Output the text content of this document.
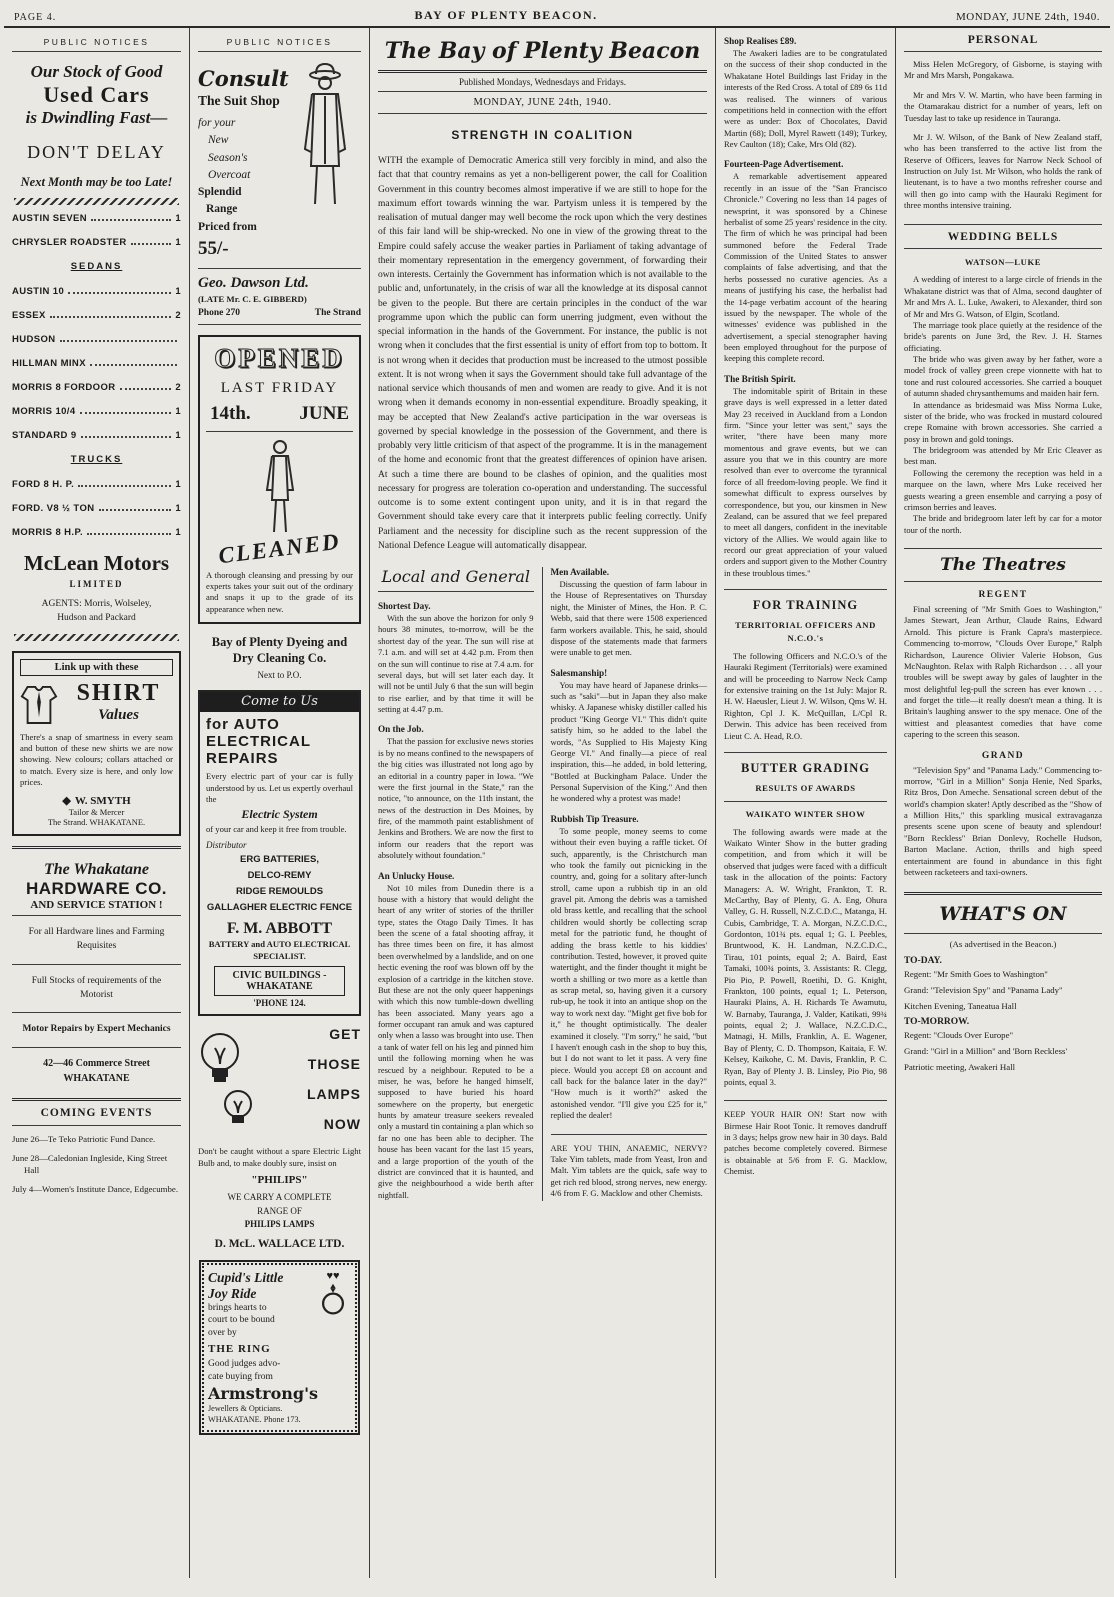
PAGE 4.	BAY OF PLENTY BEACON.	MONDAY, JUNE 24th, 1940.
PUBLIC NOTICES
Our Stock of Good
Used Cars
is Dwindling Fast—
DON'T DELAY
Next Month may be too Late!
AUSTIN SEVEN	1
CHRYSLER ROADSTER	1
SEDANS
AUSTIN 10	1
ESSEX	2
HUDSON
HILLMAN MINX
MORRIS 8 FORDOOR	2
MORRIS 10/4	1
STANDARD 9	1
TRUCKS
FORD 8 H. P.	1
FORD. V8 ½ TON	1
MORRIS 8 H.P.	1
McLean Motors
LIMITED
AGENTS: Morris, Wolseley,
Hudson and Packard
Link up with these
SHIRT
Values
There's a snap of smartness in every seam and button of these new shirts we are now showing. New colours; collars attached or to match. Every size is here, and only low prices.
◆ W. SMYTH
Tailor & Mercer
The Strand. WHAKATANE.
The Whakatane
HARDWARE CO.
AND SERVICE STATION !
For all Hardware lines and Farming Requisites
Full Stocks of requirements of the Motorist
Motor Repairs by Expert Mechanics
42—46 Commerce Street
WHAKATANE
COMING EVENTS
June 26—Te Teko Patriotic Fund Dance.
June 28—Caledonian Ingleside, King Street Hall
July 4—Women's Institute Dance, Edgecumbe.
PUBLIC NOTICES
Consult
The Suit Shop
for your
New
Season's
Overcoat
Splendid
Range
Priced from
55/-
Geo. Dawson Ltd.
(LATE Mr. C. E. GIBBERD)
Phone 270	The Strand
OPENED
LAST FRIDAY
14th.	JUNE
CLEANED
A thorough cleansing and pressing by our experts takes your suit out of the ordinary and snaps it up to the grade of its appearance when new.
Bay of Plenty Dyeing and
Dry Cleaning Co.
Next to P.O.
Come to Us
for AUTO
ELECTRICAL
REPAIRS
Every electric part of your car is fully understood by us. Let us expertly overhaul the
Electric System
of your car and keep it free from trouble.
Distributor
ERG BATTERIES,
DELCO-REMY
RIDGE REMOULDS
GALLAGHER ELECTRIC FENCE
F. M. ABBOTT
BATTERY and AUTO ELECTRICAL
SPECIALIST.
CIVIC BUILDINGS - WHAKATANE
'PHONE 124.
GET
THOSE
LAMPS
NOW
Don't be caught without a spare Electric Light Bulb and, to make doubly sure, insist on
"PHILIPS"
WE CARRY A COMPLETE
RANGE OF
PHILIPS LAMPS
D. McL. WALLACE LTD.
Cupid's Little
Joy Ride
brings hearts to
court to be bound
over by
THE RING
Good judges advo-
cate buying from
♥♥
Armstrong's
Jewellers & Opticians.
WHAKATANE. Phone 173.
The Bay of Plenty Beacon
Published Mondays, Wednesdays and Fridays.
MONDAY, JUNE 24th, 1940.
STRENGTH IN COALITION
WITH the example of Democratic America still very forcibly in mind, and also the fact that that country remains as yet a non-belligerent power, the call for Coalition Government in this country becomes almost imperative if we are still to hope for the maximum effort towards winning the war. Partyism unless it is tempered by the realisation of mutual danger may well become the rock upon which the very destines of this fair land will be ship-wrecked. No one in view of the growing threat to the Empire could safely accuse the weaker parties in Parliament of taking advantage of their momentary representation in the emergency government, of forwarding their own interests. Certainly the Government has information which is not available to the public and, unfortunately, in the crisis of war all the knowledge at its disposal cannot be given to the people. But there are certain principles in the conduct of the war programme upon which the public can form unerring judgment, even without the special information in the hands of the Government. For instance, the public is not wrong when it concludes that the first essential is unity of effort from top to bottom. It is not wrong when it decides that production must be increased to the utmost possible extent. It is not wrong when it says the Government should take full advantage of the national service which thousands of men and women are ready to give. And it is not wrong when it demands economy in non-essential expenditure. Broadly speaking, it may be accepted that New Zealand's active participation in the war overseas is governed by special knowledge in the possession of the Government, and there is probably very little criticism of that aspect of the programme. It is in the management of the home and economic front that the greatest differences of opinion have arisen. At such a time there are bound to be clashes of opinion, and the qualities most necessary for progress are toleration co-operation and understanding. The successful outcome is to some extent contingent upon unity, and it is in that regard the Government should take every care that it interprets public feeling correctly. Unify Parliament and the necessity for discipline such as the recent suppression of the National Defence League will automatically disappear.
Local and General
Shortest Day.
With the sun above the horizon for only 9 hours 38 minutes, to-morrow, will be the shortest day of the year. The sun will rise at 7.1 a.m. and will set at 4.42 p.m. From then on the sun will continue to rise at 7.4 a.m. for several days, but will set later each day. It will not be until July 6 that the sun will begin to rise earlier, and by that time it will be setting at 4.47 p.m.
On the Job.
That the passion for exclusive news stories is by no means confined to the newspapers of the big cities was illustrated not long ago by an editorial in a country paper in Iowa. "We were the first journal in the State," ran the notice, "to announce, on the 11th instant, the news of the destruction in Des Moines, by fire, of the mammoth paint establishment of Jenkins and Brothers. We are now the first to inform our readers that the report was absolutely without foundation."
An Unlucky House.
Not 10 miles from Dunedin there is a house with a history that would delight the heart of any writer of stories of the thriller type, states the Otago Daily Times. It has been the scene of a fatal shooting affray, it has three times been on fire, it has almost been overwhelmed by a landslide, and on one hectic evening the roof was blown off by the explosion of a cartridge in the kitchen stove. But these are not the only queer happenings with which this now tumble-down dwelling has been associated. Many years ago a former occupant ran amuk and was captured only when a lasso was brought into use. Then a tank of water fell on his leg and pinned him until the following morning when he was rescued by a neighbour. Reputed to be a miser, he was, before he hanged himself, supposed to have buried his hoard somewhere on the property, but energetic hunts by amateur treasure seekers revealed only a mustard tin containing a plan which so far no one has been able to decipher. The house has been vacant for the last 15 years, and a large proportion of the youth of the district are convinced that it is haunted, and give the neighbourhood a wide berth after nightfall.
Men Available.
Discussing the question of farm labour in the House of Representatives on Thursday night, the Minister of Mines, the Hon. P. C. Webb, said that there were 1508 experienced farm workers available. This, he said, should dispose of the statements made that farmers were unable to get men.
Salesmanship!
You may have heard of Japanese drinks—such as "saki"—but in Japan they also make whisky. A Japanese whisky distiller called his product "King George VI." This didn't quite satisfy him, so he added to the label the words, "As Supplied to His Majesty King George VI." And finally—a piece of real inspiration, this—he added, in bold lettering, "Bottled at Buckingham Palace. Under the Personal Supervision of the King." And then he wondered why a protest was made!
Rubbish Tip Treasure.
To some people, money seems to come without their even buying a raffle ticket. Of such, apparently, is the Christchurch man who took the family out picnicking in the country, and, going for a solitary after-lunch stroll, came upon a rubbish tip in an old gravel pit. Among the debris was a tarnished old brass kettle, and recalling that the school children would shortly be collecting scrap metal for the patriotic fund, he thought of adding the brass kettle to his kiddies' contribution. Tested, however, it proved quite watertight, and the finder thought it might be worth a shilling or two more as a kettle than as scrap metal, so, having given it a cursory rub-up, he took it into an antique shop on the way to work next day. "Might get five bob for it," he thought optimistically. The dealer examined it closely. "I'm sorry," he said, "but I haven't enough cash in the shop to buy this, but I do not want to let it pass. A very fine piece. Would you accept £8 on account and call back for the balance later in the day?" "How much is it worth?" asked the astonished vendor. "I'll give you £25 for it," replied the dealer!
ARE YOU THIN, ANAEMIC, NERVY? Take Yim tablets, made from Yeast, Iron and Malt. Yim tablets are the quick, safe way to get rich red blood, strong nerves, new energy. 4/6 from F. G. Macklow and other Chemists.
Shop Realises £89.
The Awakeri ladies are to be congratulated on the success of their shop conducted in the Whakatane Hotel Buildings last Friday in the interests of the Red Cross. A total of £89 6s 11d was realised. The winners of various competitions held in connection with the effort were as under: Box of Chocolates, David Martin (68); Doll, Myrel Rawett (149); Turkey, Rev Caulton (18); Cake, Mrs Old (82).
Fourteen-Page Advertisement.
A remarkable advertisement appeared recently in an issue of the "San Francisco Chronicle." Covering no less than 14 pages of newsprint, it was sponsored by a Chinese herbalist of some 25 years' residence in the city. The firm of which he was principal had been summoned before the Federal Trade Commission of the United States to answer complaints of false advertising, and that the herbs possessed no curative agencies. As a means of justifying his case, the herbalist had the 14-page verbatim account of the hearing issued by the newspaper. The whole of the witnesses' evidence was published in the advertisement, a special stenographer having been employed throughout for the purpose of keeping this complete record.
The British Spirit.
The indomitable spirit of Britain in these grave days is well expressed in a letter dated May 23 received in Auckland from a London firm. "Since your letter was sent," says the writer, "there have been many more momentous and grave events, but we can assure you that we in this country are more resolved than ever to overcome the tyrannical force of all freedom-loving people. We find it somewhat difficult to express ourselves by correspondence, but you, our kinsmen in New Zealand, can be assured that we feel prepared to meet all dangers, confident in the inevitable victory of the Allies. We would again like to record our great appreciation of your valued orders and support given to the Mother Country in these troublous times."
FOR TRAINING
TERRITORIAL OFFICERS AND
N.C.O.'s
The following Officers and N.C.O.'s of the Hauraki Regiment (Territorials) were examined and will be proceeding to Narrow Neck Camp for extensive training on the 1st July: Major R. H. W. Haeusler, Lieut J. W. Wilson, Qms W. H. Righton, Cpl J. K. McQuillan, L/Cpl R. Derwin. This advice has been received from Lieut C. A. Head, R.O.
BUTTER GRADING
RESULTS OF AWARDS
WAIKATO WINTER SHOW
The following awards were made at the Waikato Winter Show in the butter grading competition, and from which it will be observed that judges were faced with a difficult task in the allocation of the points: Factory Managers: A. W. Wright, Frankton, T. R. McCarthy, Bay of Plenty, G. A. Eng, Ohura Valley, G. H. Russell, N.Z.C.D.C., Matanga, H. Cubis, Cambridge, T. A. Morgan, N.Z.C.D.C., Gordonton, 101¾ pts. equal 1; G. I. Peebles, Bruntwood, K. H. Landman, N.Z.C.D.C., Tirau, 101 points, equal 2; A. Baird, East Tamaki, 100¾ points, 3. Assistants: R. Clegg, Pio Pio, P. Powell, Roetihi, D. G. Knight, Frankton, 100 points, equal 1; L. Peterson, Hauraki Plains, A. H. Richards Te Awamutu, W. Barnaby, Tauranga, J. Valder, Katikati, 99¾ points, equal 2; J. Wallace, N.Z.C.D.C., Matnagi, H. Mills, Franklin, A. E. Wagener, Bay of Plenty, C. D. Thompson, Kaitaia, F. W. Kelsey, Kaikohe, C. M. Davis, Franklin, P. C. Ryan, Bay of Plenty J. B. Linsley, Pio Pio, 98 points, equal 3.
KEEP YOUR HAIR ON! Start now with Birmese Hair Root Tonic. It removes dandruff in 3 days; helps grow new hair in 30 days. Bald patches become completely covered. Birmese is obtainable at 5/6 from F. G. Macklow, Chemist.
PERSONAL
Miss Helen McGregory, of Gisborne, is staying with Mr and Mrs Marsh, Pongakawa.
Mr and Mrs V. W. Martin, who have been farming in the Otamarakau district for a number of years, left on Tuesday last to take up residence in Tauranga.
Mr J. W. Wilson, of the Bank of New Zealand staff, who has been transferred to the active list from the Reserve of Officers, leaves for Narrow Neck School of Instruction on July 1st. Mr Wilson, who holds the rank of lieutenant, is to have a two months refresher course and will then go into camp with the Hauraki Regiment for three months intensive training.
WEDDING BELLS
WATSON—LUKE
A wedding of interest to a large circle of friends in the Whakatane district was that of Alma, second daughter of Mr and Mrs A. L. Luke, Awakeri, to Alexander, third son of Mr and Mrs G. Watson, of Elgin, Scotland.
The marriage took place quietly at the residence of the bride's parents on June 3rd, the Rev. J. H. Starnes officiating.
The bride who was given away by her father, wore a model frock of valley green crepe vionnette with hat to tone and rust coloured accessories. She carried a bouquet of autumn shaded chrysanthemums and maiden hair fern.
In attendance as bridesmaid was Miss Norma Luke, sister of the bride, who was frocked in mustard coloured crepe Romaine with brown accessories. She carried a posy in brown and gold tonings.
The bridegroom was attended by Mr Eric Cleaver as best man.
Following the ceremony the reception was held in a marquee on the lawn, where Mrs Luke received her guests wearing a green ensemble and carrying a posy of crimson berries and leaves.
The bride and bridegroom later left by car for a motor tour of the north.
The Theatres
REGENT
Final screening of "Mr Smith Goes to Washington," James Stewart, Jean Arthur, Claude Rains, Edward Arnold. This picture is Frank Capra's masterpiece. Commencing to-morrow, "Clouds Over Europe," Ralph Richardson, Laurence Olivier Valerie Hobson, Gus McNaughton. Relax with Ralph Richardson . . . all your troubles will be swept away by gales of laughter in the most delightful leg-pull the screen has ever known . . . and forget the title—it really doesn't mean a thing. It is Britain's laughing answer to the spy menace. One of the wittiest and pleasantest comedies that have come capering to the screen this season.
GRAND
"Television Spy" and "Panama Lady." Commencing to-morrow, "Girl in a Million" Sonja Henie, Ned Sparks, Ritz Bros, Don Ameche. Sensational screen debut of the world's champion skater! Aptly described as the "Show of a Million Hits," this sparkling musical extravaganza presents scene upon scene of beauty and splendour! "Born Reckless" Brian Donlevy, Rochelle Hudson, Barton Maclane. Action, thrills and high speed entertainment are found in abundance in this fight between racketeers and taxi-owners.
WHAT'S ON
(As advertised in the Beacon.)
TO-DAY.
Regent: "Mr Smith Goes to Washington"
Grand: "Television Spy" and "Panama Lady"
Kitchen Evening, Taneatua Hall
TO-MORROW.
Regent: "Clouds Over Europe"
Grand: "Girl in a Million" and 'Born Reckless'
Patriotic meeting, Awakeri Hall
